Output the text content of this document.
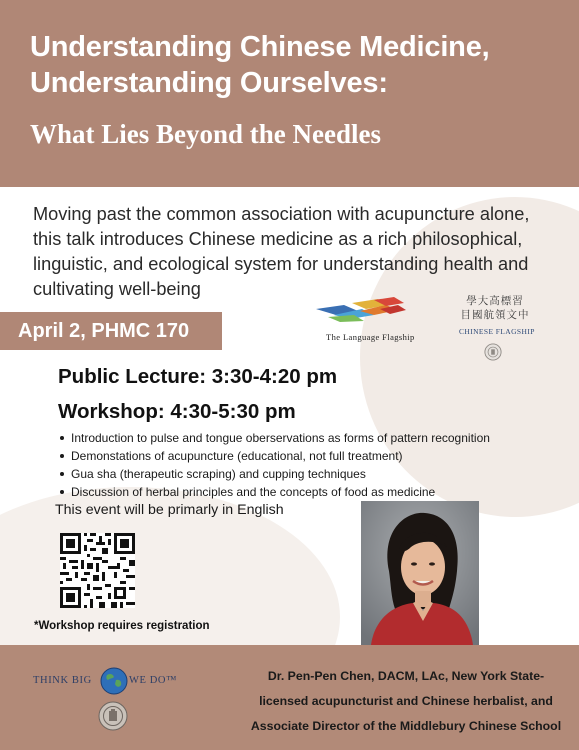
Understanding Chinese Medicine,
Understanding Ourselves:
What Lies Beyond the Needles
Moving past the common association with acupuncture alone, this talk introduces Chinese medicine as a rich philosophical, linguistic, and ecological system for understanding health and cultivating well-being
April 2, PHMC 170	The Language Flagship
學大高標習
目國航領文中
CHINESE FLAGSHIP
Public Lecture: 3:30-4:20 pm
Workshop: 4:30-5:30 pm
Introduction to pulse and tongue oberservations as forms of pattern recognition
Demonstations of acupuncture (educational, not full treatment)
Gua sha (therapeutic scraping) and cupping techniques
Discussion of herbal principles and the concepts of food as medicine
This event will be primarly in English
*Workshop requires registration
THINK BIG	WE DO™	Dr. Pen-Pen Chen, DACM, LAc, New York State-
licensed acupuncturist and Chinese herbalist, and
Associate Director of the Middlebury Chinese School
